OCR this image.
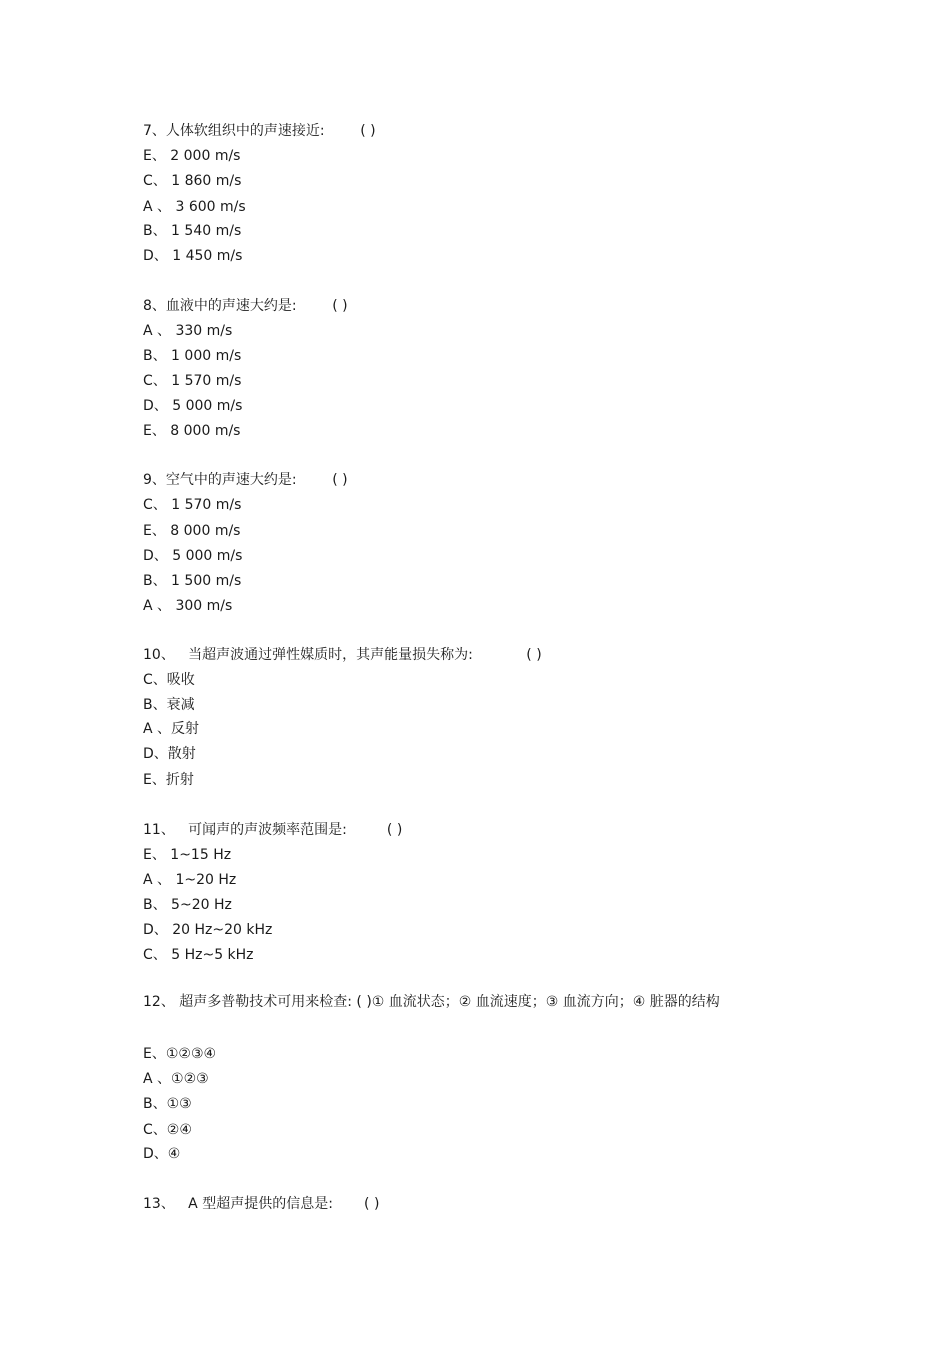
7、人体软组织中的声速接近:        ( )
E、 2 000 m/s
C、 1 860 m/s
A 、 3 600 m/s
B、 1 540 m/s
D、 1 450 m/s
8、血液中的声速大约是:        ( )
A 、 330 m/s
B、 1 000 m/s
C、 1 570 m/s
D、 5 000 m/s
E、 8 000 m/s
9、空气中的声速大约是:        ( )
C、 1 570 m/s
E、 8 000 m/s
D、 5 000 m/s
B、 1 500 m/s
A 、 300 m/s
10、   当超声波通过弹性媒质时，其声能量损失称为:            ( )
C、吸收
B、衰减
A 、反射
D、散射
E、折射
11、   可闻声的声波频率范围是:         ( )
E、 1~15 Hz
A 、 1~20 Hz
B、 5~20 Hz
D、 20 Hz~20 kHz
C、 5 Hz~5 kHz
12、 超声多普勒技术可用来检查: ( )① 血流状态；② 血流速度；③ 血流方向；④ 脏器的结构
E、①②③④
A 、①②③
B、①③
C、②④
D、④
13、   A 型超声提供的信息是:       ( )
